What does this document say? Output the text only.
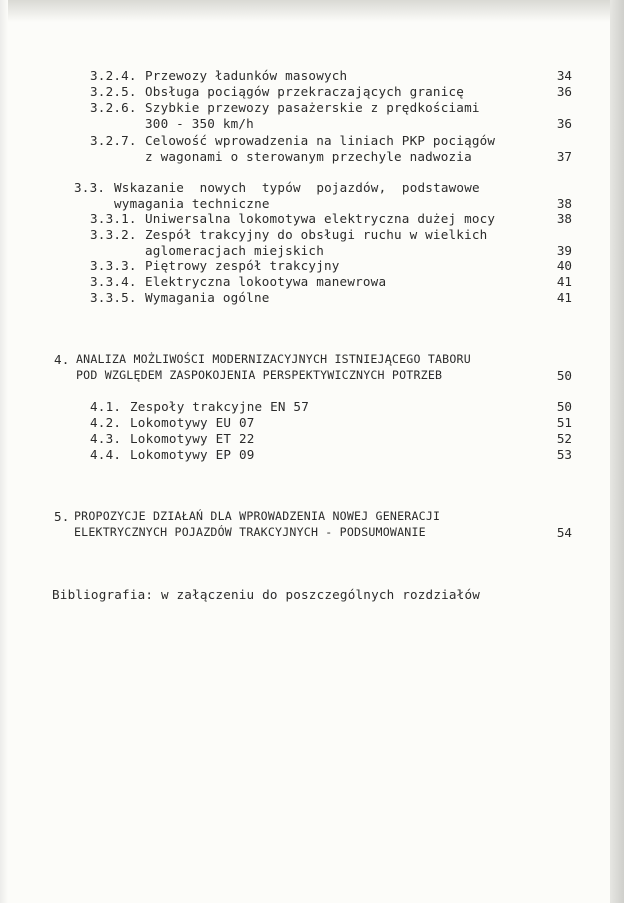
3.2.4. Przewozy ładunków masowych	34
3.2.5. Obsługa pociągów przekraczających granicę	36
3.2.6. Szybkie przewozy pasażerskie z prędkościami
300 - 350 km/h	36
3.2.7. Celowość wprowadzenia na liniach PKP pociągów
z wagonami o sterowanym przechyle nadwozia	37
3.3. Wskazanie  nowych  typów  pojazdów,  podstawowe
wymagania techniczne	38
3.3.1. Uniwersalna lokomotywa elektryczna dużej mocy	38
3.3.2. Zespół trakcyjny do obsługi ruchu w wielkich
aglomeracjach miejskich	39
3.3.3. Piętrowy zespół trakcyjny	40
3.3.4. Elektryczna lokootywa manewrowa	41
3.3.5. Wymagania ogólne	41
4. ANALIZA MOŻLIWOŚCI MODERNIZACYJNYCH ISTNIEJĄCEGO TABORU
POD WZGLĘDEM ZASPOKOJENIA PERSPEKTYWICZNYCH POTRZEB	50
4.1. Zespoły trakcyjne EN 57	50
4.2. Lokomotywy EU 07	51
4.3. Lokomotywy ET 22	52
4.4. Lokomotywy EP 09	53
5. PROPOZYCJE DZIAŁAŃ DLA WPROWADZENIA NOWEJ GENERACJI
ELEKTRYCZNYCH POJAZDÓW TRAKCYJNYCH - PODSUMOWANIE	54
Bibliografia: w załączeniu do poszczególnych rozdziałów
